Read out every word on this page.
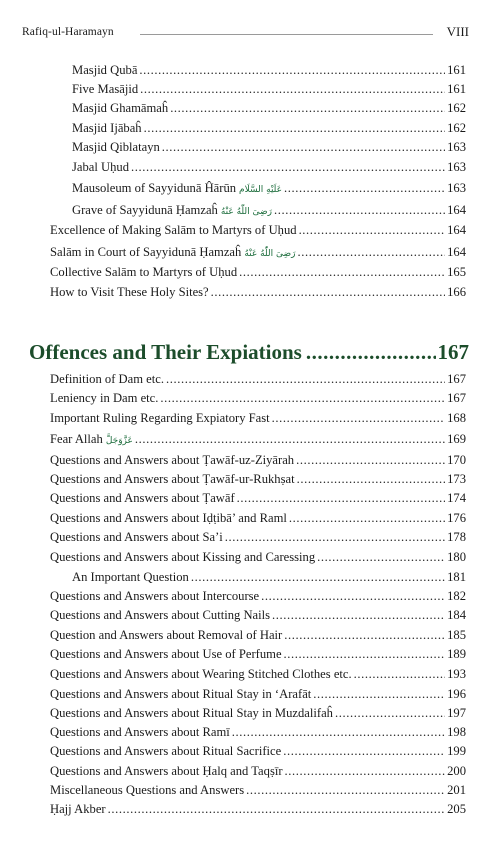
Rafiq-ul-Haramayn	VIII
Masjid Qubā .....	161
Five Masājid .....	161
Masjid Ghamāmaĥ .....	162
Masjid Ijābaĥ .....	162
Masjid Qiblatayn .....	163
Jabal Uḥud .....	163
Mausoleum of Sayyidunā Ĥārūn عَلَيْهِ السَّلَام .....	163
Grave of Sayyidunā Ḥamzaĥ رَضِىَ اللّٰهُ عَنْهُ .....	164
Excellence of Making Salām to Martyrs of Uḥud .....	164
Salām in Court of Sayyidunā Ḥamzaĥ رَضِىَ اللّٰهُ عَنْهُ .....	164
Collective Salām to Martyrs of Uḥud .....	165
How to Visit These Holy Sites? .....	166
Offences and Their Expiations .....	167
Definition of Dam etc. .....	167
Leniency in Dam etc. .....	167
Important Ruling Regarding Expiatory Fast .....	168
Fear Allah عَزَّوَجَلَّ .....	169
Questions and Answers about Ṭawāf-uz-Ziyārah .....	170
Questions and Answers about Ṭawāf-ur-Rukhṣat .....	173
Questions and Answers about Ṭawāf .....	174
Questions and Answers about Iḍṭibā’ and Raml .....	176
Questions and Answers about Sa’i .....	178
Questions and Answers about Kissing and Caressing .....	180
An Important Question .....	181
Questions and Answers about Intercourse .....	182
Questions and Answers about Cutting Nails .....	184
Question and Answers about Removal of Hair .....	185
Questions and Answers about Use of Perfume .....	189
Questions and Answers about Wearing Stitched Clothes etc. .....	193
Questions and Answers about Ritual Stay in ‘Arafāt .....	196
Questions and Answers about Ritual Stay in Muzdalifaĥ .....	197
Questions and Answers about Ramī .....	198
Questions and Answers about Ritual Sacrifice .....	199
Questions and Answers about Ḥalq and Taqṣīr .....	200
Miscellaneous Questions and Answers .....	201
Ḥajj Akber .....	205
